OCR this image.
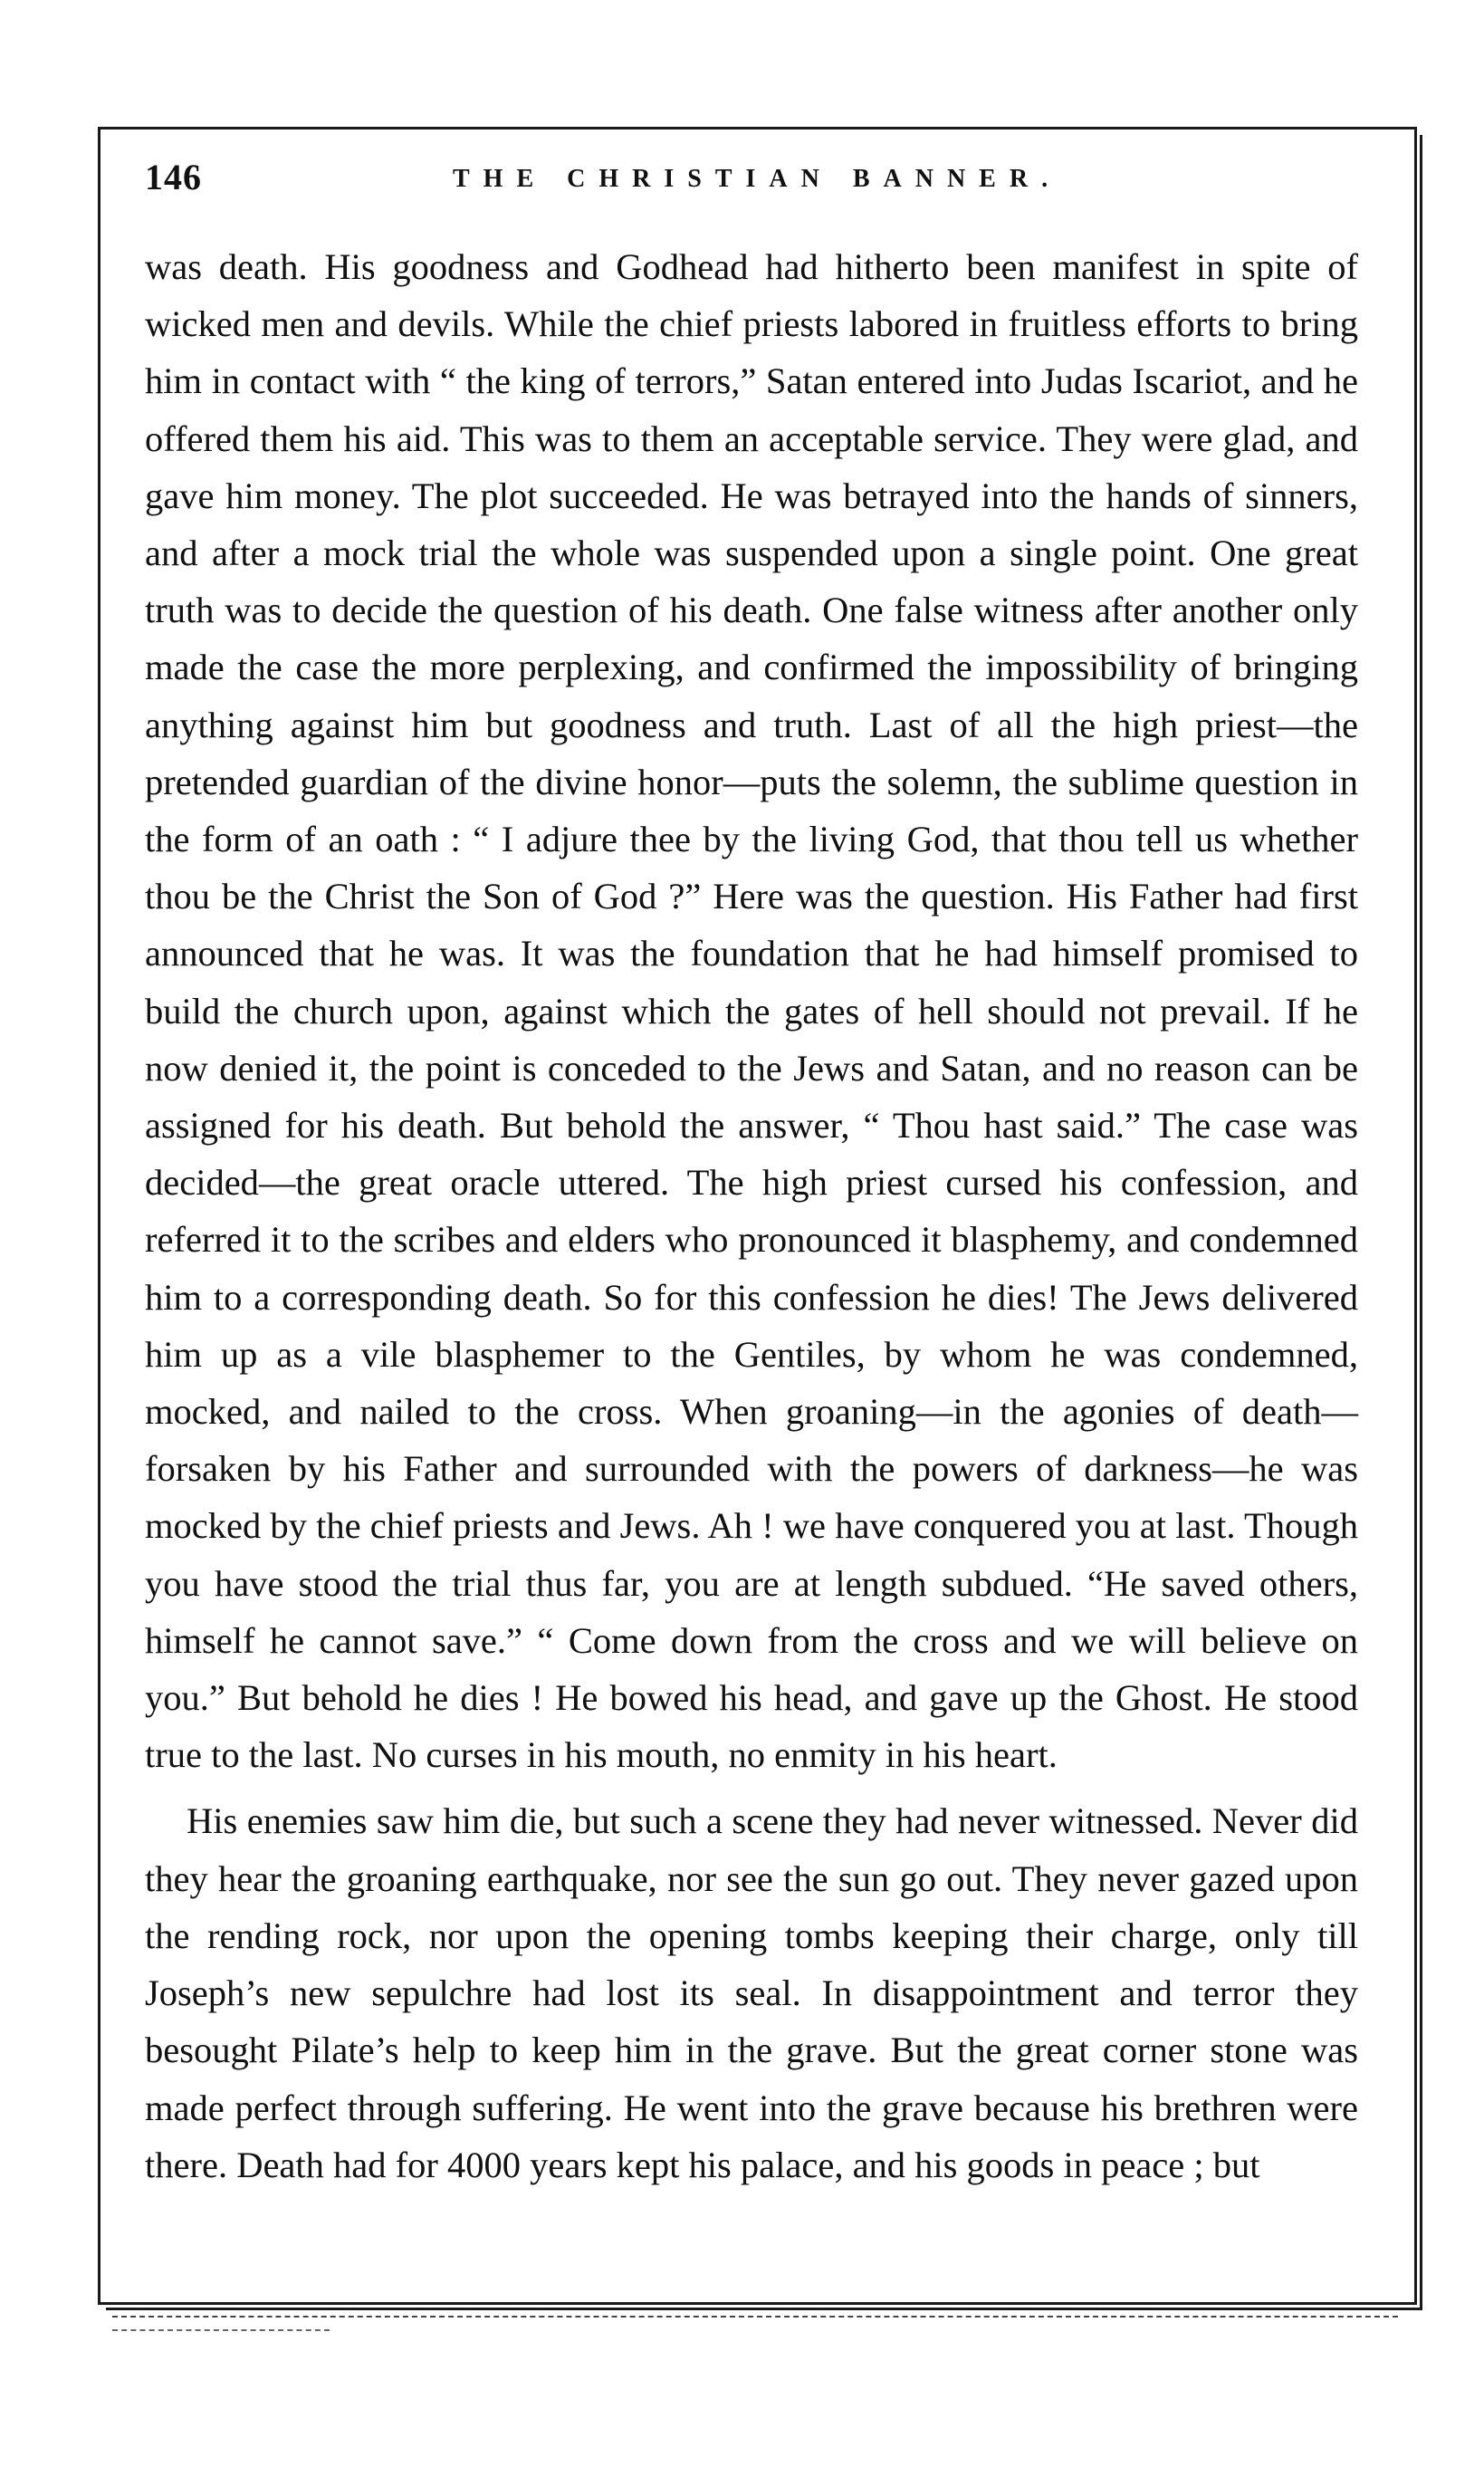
146	THE CHRISTIAN BANNER.

was death. His goodness and Godhead had hitherto been manifest in spite of wicked men and devils. While the chief priests labored in fruitless efforts to bring him in contact with “ the king of terrors,” Satan entered into Judas Iscariot, and he offered them his aid. This was to them an acceptable service. They were glad, and gave him money. The plot succeeded. He was betrayed into the hands of sinners, and after a mock trial the whole was suspended upon a single point. One great truth was to decide the question of his death. One false witness after another only made the case the more perplexing, and confirmed the impossibility of bringing anything against him but goodness and truth. Last of all the high priest—the pretended guardian of the divine honor—puts the solemn, the sublime question in the form of an oath : “ I adjure thee by the living God, that thou tell us whether thou be the Christ the Son of God ?” Here was the question. His Father had first announced that he was. It was the foundation that he had himself promised to build the church upon, against which the gates of hell should not prevail. If he now denied it, the point is conceded to the Jews and Satan, and no reason can be assigned for his death. But behold the answer, “ Thou hast said.” The case was decided—the great oracle uttered. The high priest cursed his confession, and referred it to the scribes and elders who pronounced it blasphemy, and condemned him to a corresponding death. So for this confession he dies! The Jews delivered him up as a vile blasphemer to the Gentiles, by whom he was condemned, mocked, and nailed to the cross. When groaning—in the agonies of death—forsaken by his Father and surrounded with the powers of darkness—he was mocked by the chief priests and Jews. Ah ! we have conquered you at last. Though you have stood the trial thus far, you are at length subdued. “He saved others, himself he cannot save.” “ Come down from the cross and we will believe on you.” But behold he dies ! He bowed his head, and gave up the Ghost. He stood true to the last. No curses in his mouth, no enmity in his heart.

His enemies saw him die, but such a scene they had never witnessed. Never did they hear the groaning earthquake, nor see the sun go out. They never gazed upon the rending rock, nor upon the opening tombs keeping their charge, only till Joseph’s new sepulchre had lost its seal. In disappointment and terror they besought Pilate’s help to keep him in the grave. But the great corner stone was made perfect through suffering. He went into the grave because his brethren were there. Death had for 4000 years kept his palace, and his goods in peace ; but
